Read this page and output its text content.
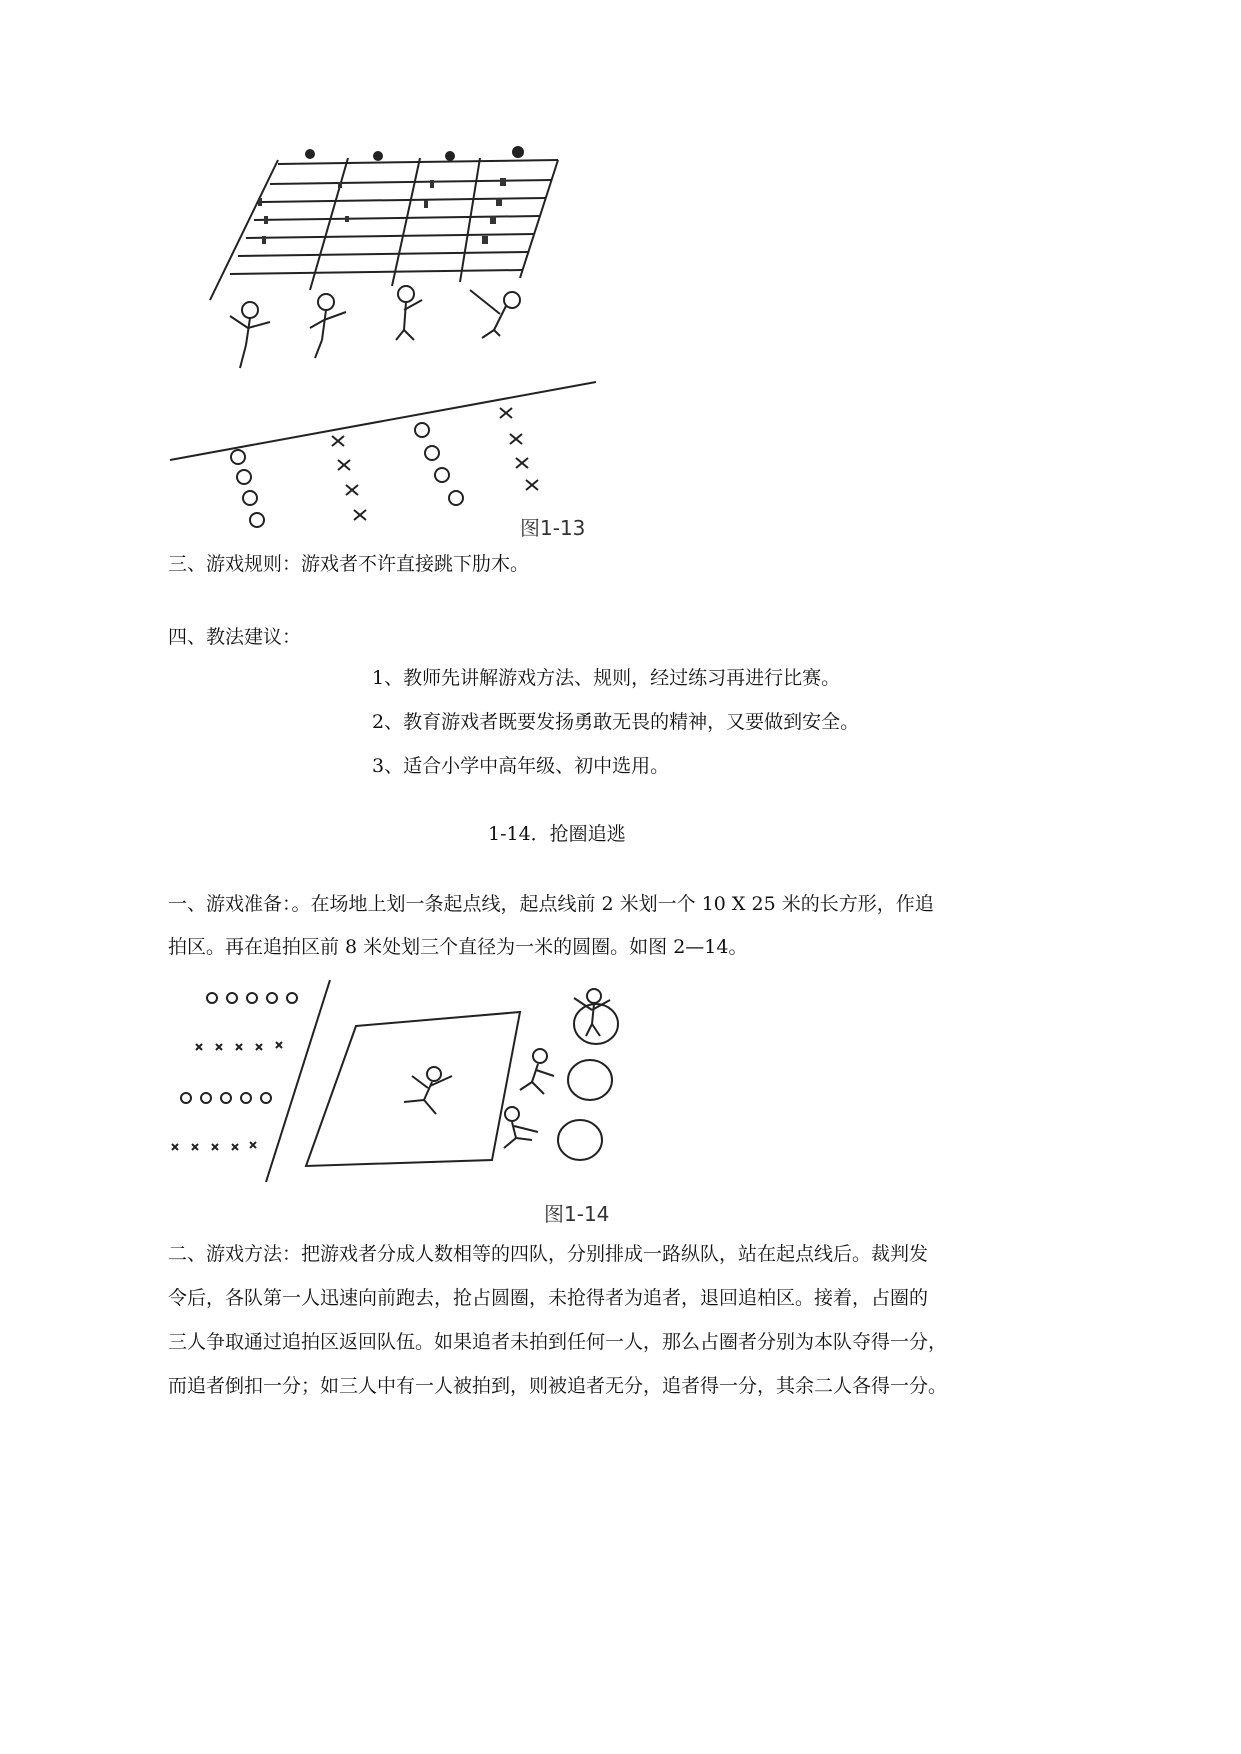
图1-13
三、游戏规则：游戏者不许直接跳下肋木。
四、教法建议：
1、教师先讲解游戏方法、规则，经过练习再进行比赛。
2、教育游戏者既要发扬勇敢无畏的精神，又要做到安全。
3、适合小学中高年级、初中选用。
1-14．抢圈追逃
一、游戏准备：。在场地上划一条起点线，起点线前 2 米划一个 10 X 25 米的长方形，作追
拍区。再在追拍区前 8 米处划三个直径为一米的圆圈。如图 2—14。
图1-14
二、游戏方法：把游戏者分成人数相等的四队，分别排成一路纵队，站在起点线后。裁判发
令后，各队第一人迅速向前跑去，抢占圆圈，未抢得者为追者，退回追柏区。接着，占圈的
三人争取通过追拍区返回队伍。如果追者未拍到任何一人，那么占圈者分别为本队夺得一分，
而追者倒扣一分；如三人中有一人被拍到，则被追者无分，追者得一分，其余二人各得一分。
